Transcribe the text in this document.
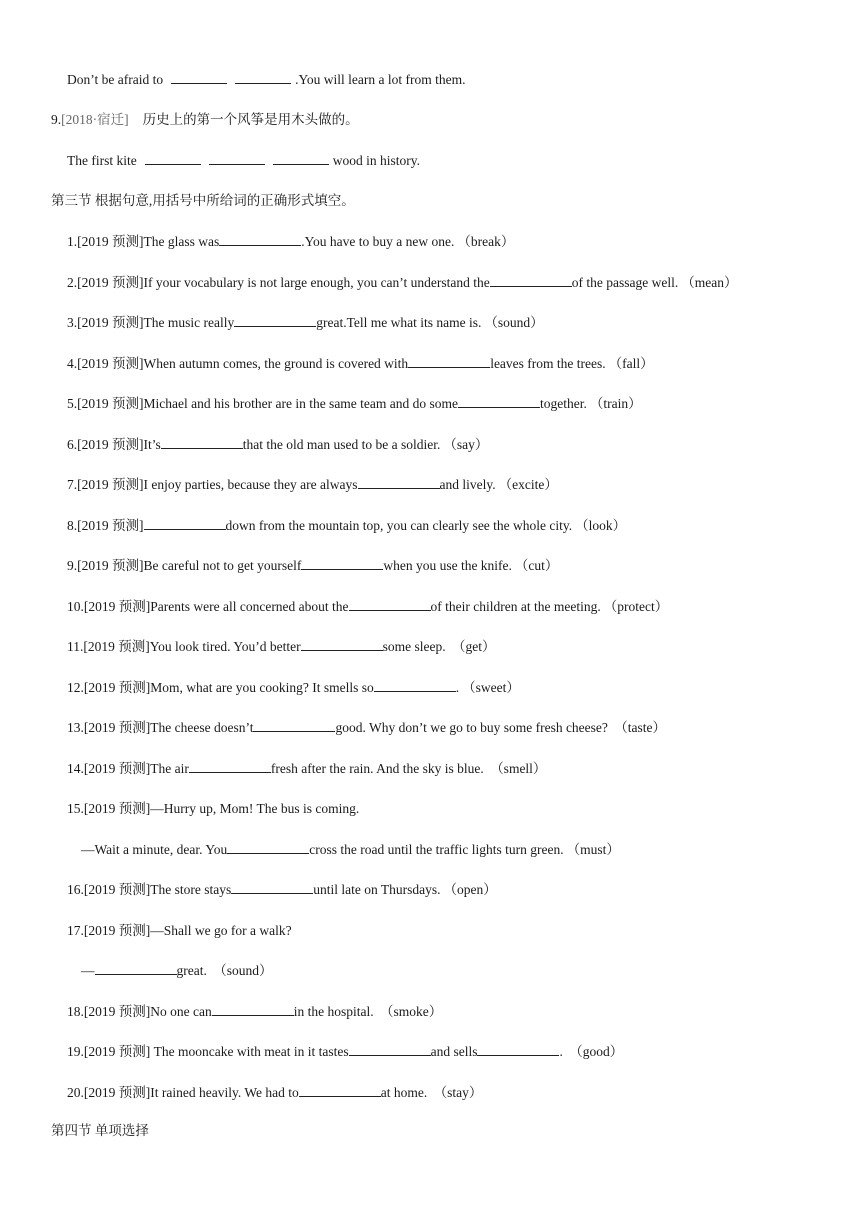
Don’t be afraid to	.You will learn a lot from them.
9.[2018·宿迁] 历史上的第一个风筝是用木头做的。
The first kite	wood in history.
第三节 根据句意,用括号中所给词的正确形式填空。
1.[2019 预测]The glass was	.You have to buy a new one. （break）
2.[2019 预测]If your vocabulary is not large enough, you can’t understand the	of the passage well. （mean）
3.[2019 预测]The music really	great.Tell me what its name is. （sound）
4.[2019 预测]When autumn comes, the ground is covered with	leaves from the trees. （fall）
5.[2019 预测]Michael and his brother are in the same team and do some	together. （train）
6.[2019 预测]It’s	that the old man used to be a soldier. （say）
7.[2019 预测]I enjoy parties, because they are always	and lively. （excite）
8.[2019 预测]	down from the mountain top, you can clearly see the whole city. （look）
9.[2019 预测]Be careful not to get yourself	when you use the knife. （cut）
10.[2019 预测]Parents were all concerned about the	of their children at the meeting. （protect）
11.[2019 预测]You look tired. You’d better	some sleep. （get）
12.[2019 预测]Mom, what are you cooking? It smells so	. （sweet）
13.[2019 预测]The cheese doesn’t	good. Why don’t we go to buy some fresh cheese? （taste）
14.[2019 预测]The air	fresh after the rain. And the sky is blue. （smell）
15.[2019 预测]—Hurry up, Mom! The bus is coming.
—Wait a minute, dear. You	cross the road until the traffic lights turn green. （must）
16.[2019 预测]The store stays	until late on Thursdays. （open）
17.[2019 预测]—Shall we go for a walk?
—	great. （sound）
18.[2019 预测]No one can	in the hospital. （smoke）
19.[2019 预测] The mooncake with meat in it tastes	and sells	. （good）
20.[2019 预测]It rained heavily. We had to	at home. （stay）
第四节 单项选择
